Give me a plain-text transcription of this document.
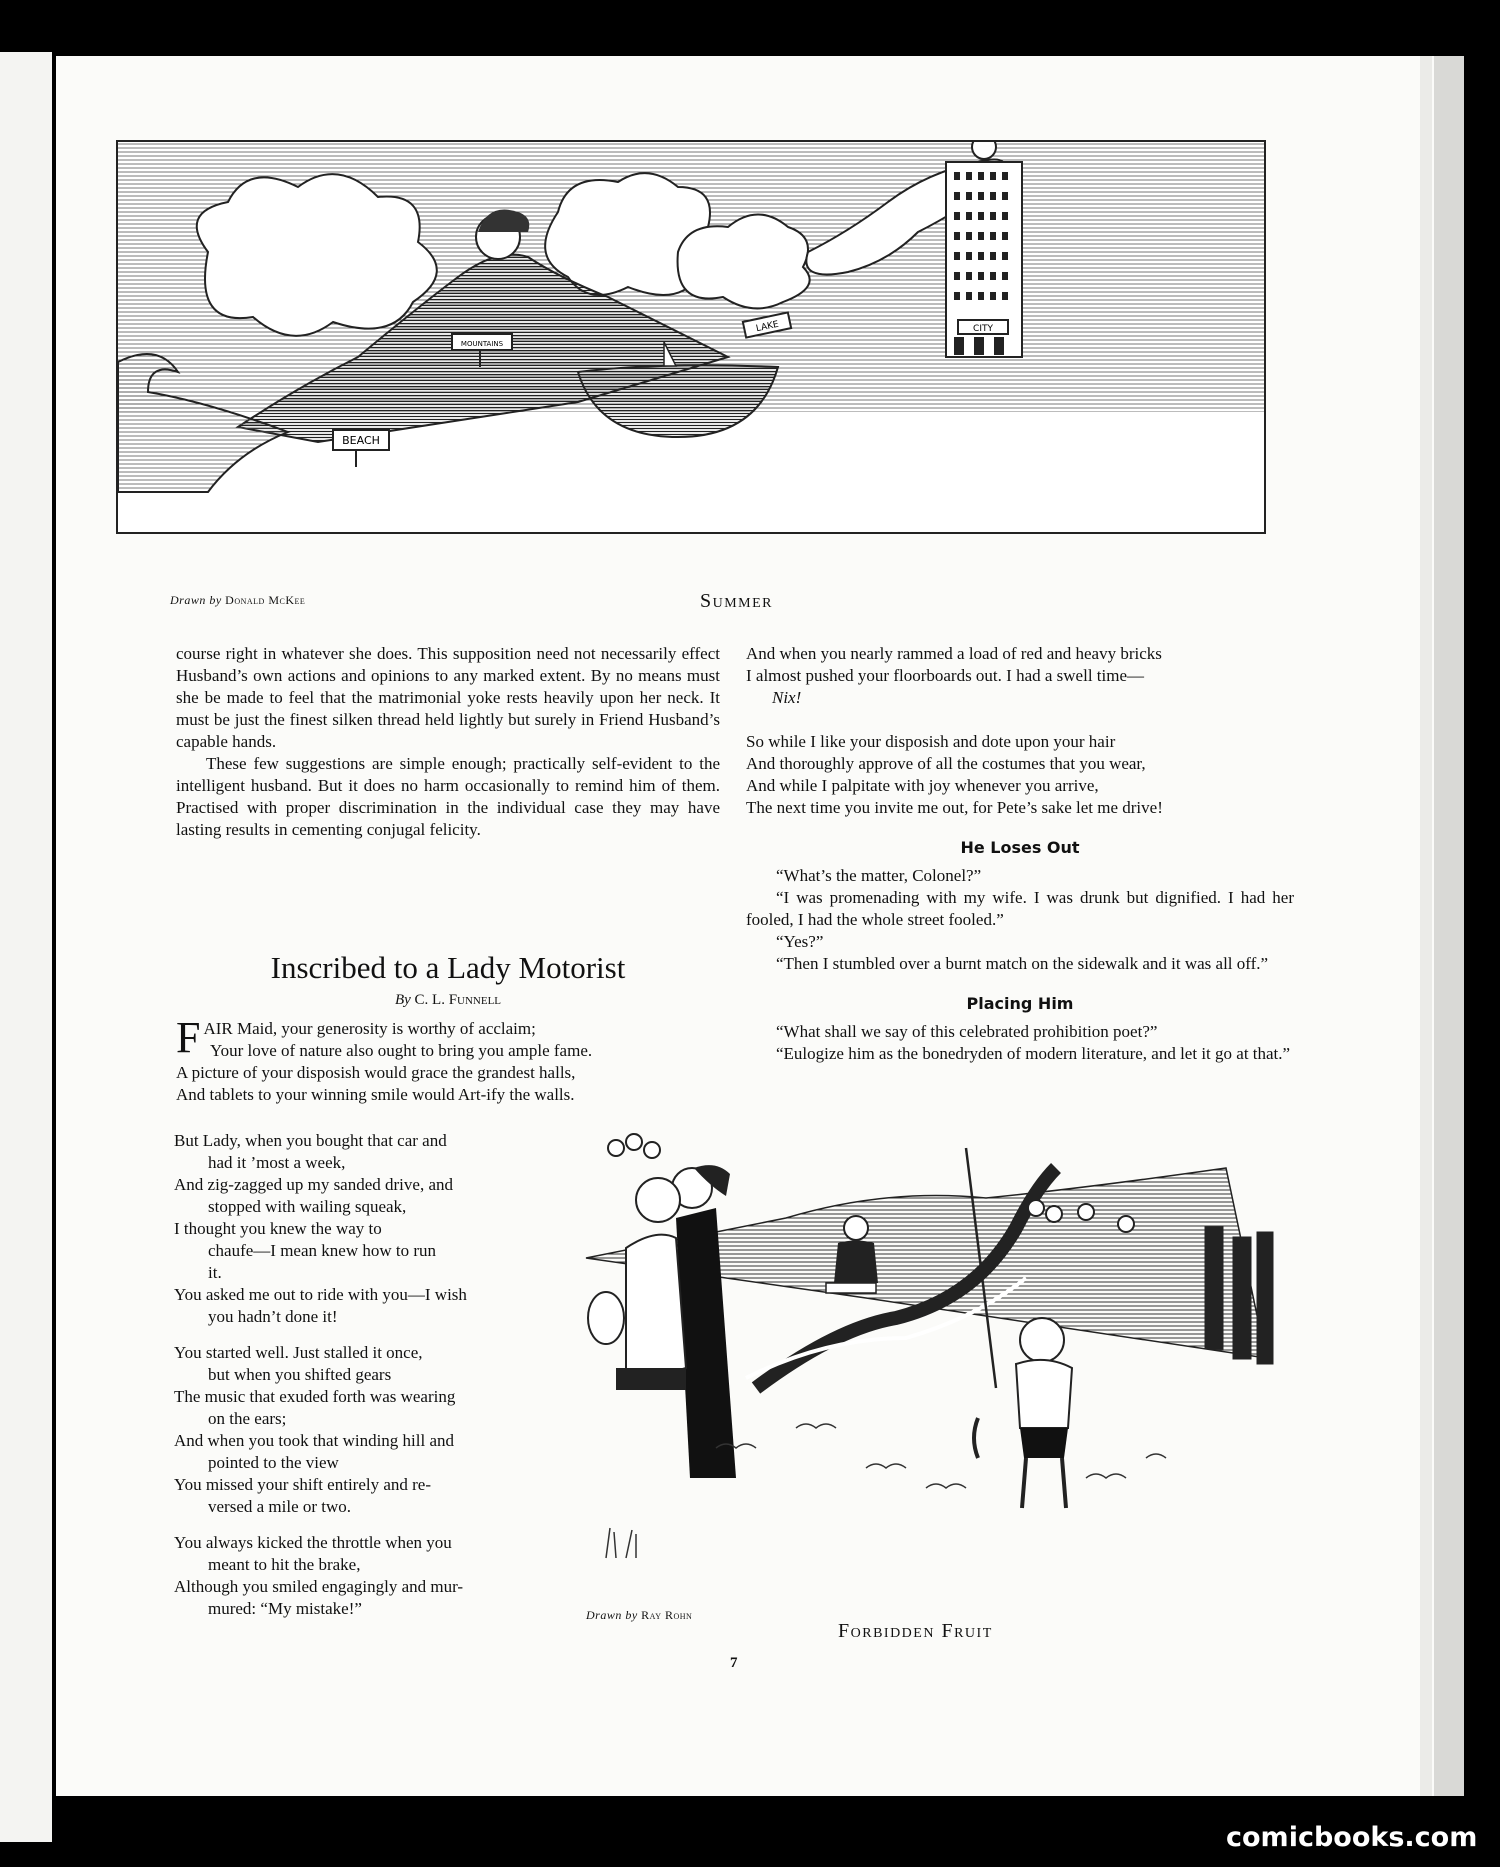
BEACH
MOUNTAINS
LAKE	CITY
Drawn by Donald McKee	Summer

course right in whatever she does. This supposition need not necessarily effect Husband’s own actions and opinions to any marked extent. By no means must she be made to feel that the matrimonial yoke rests heavily upon her neck. It must be just the finest silken thread held lightly but surely in Friend Husband’s capable hands.

These few suggestions are simple enough; practically self-evident to the intelligent husband. But it does no harm occasionally to remind him of them. Practised with proper discrimination in the individual case they may have lasting results in cementing conjugal felicity.

Inscribed to a Lady Motorist
By C. L. Funnell
F AIR Maid, your generosity is worthy of acclaim;

Your love of nature also ought to bring you ample fame.

A picture of your disposish would grace the grandest halls,

And tablets to your winning smile would Art-ify the walls.

But Lady, when you bought that car and

had it ’most a week,

And zig-zagged up my sanded drive, and

stopped with wailing squeak,

I thought you knew the way to

chaufe—I mean knew how to run

it.

You asked me out to ride with you—I wish

you hadn’t done it!

You started well. Just stalled it once,

but when you shifted gears

The music that exuded forth was wearing

on the ears;

And when you took that winding hill and

pointed to the view

You missed your shift entirely and re-

versed a mile or two.

You always kicked the throttle when you

meant to hit the brake,

Although you smiled engagingly and mur-

mured: “My mistake!”

And when you nearly rammed a load of red and heavy bricks

I almost pushed your floorboards out. I had a swell time—

Nix!

So while I like your disposish and dote upon your hair

And thoroughly approve of all the costumes that you wear,

And while I palpitate with joy whenever you arrive,

The next time you invite me out, for Pete’s sake let me drive!

He Loses Out

“What’s the matter, Colonel?”

“I was promenading with my wife. I was drunk but dignified. I had her fooled, I had the whole street fooled.”

“Yes?”

“Then I stumbled over a burnt match on the sidewalk and it was all off.”

Placing Him

“What shall we say of this celebrated prohibition poet?”

“Eulogize him as the bonedryden of modern literature, and let it go at that.”

Drawn by Ray Rohn
Forbidden Fruit
7
comicbooks.com
